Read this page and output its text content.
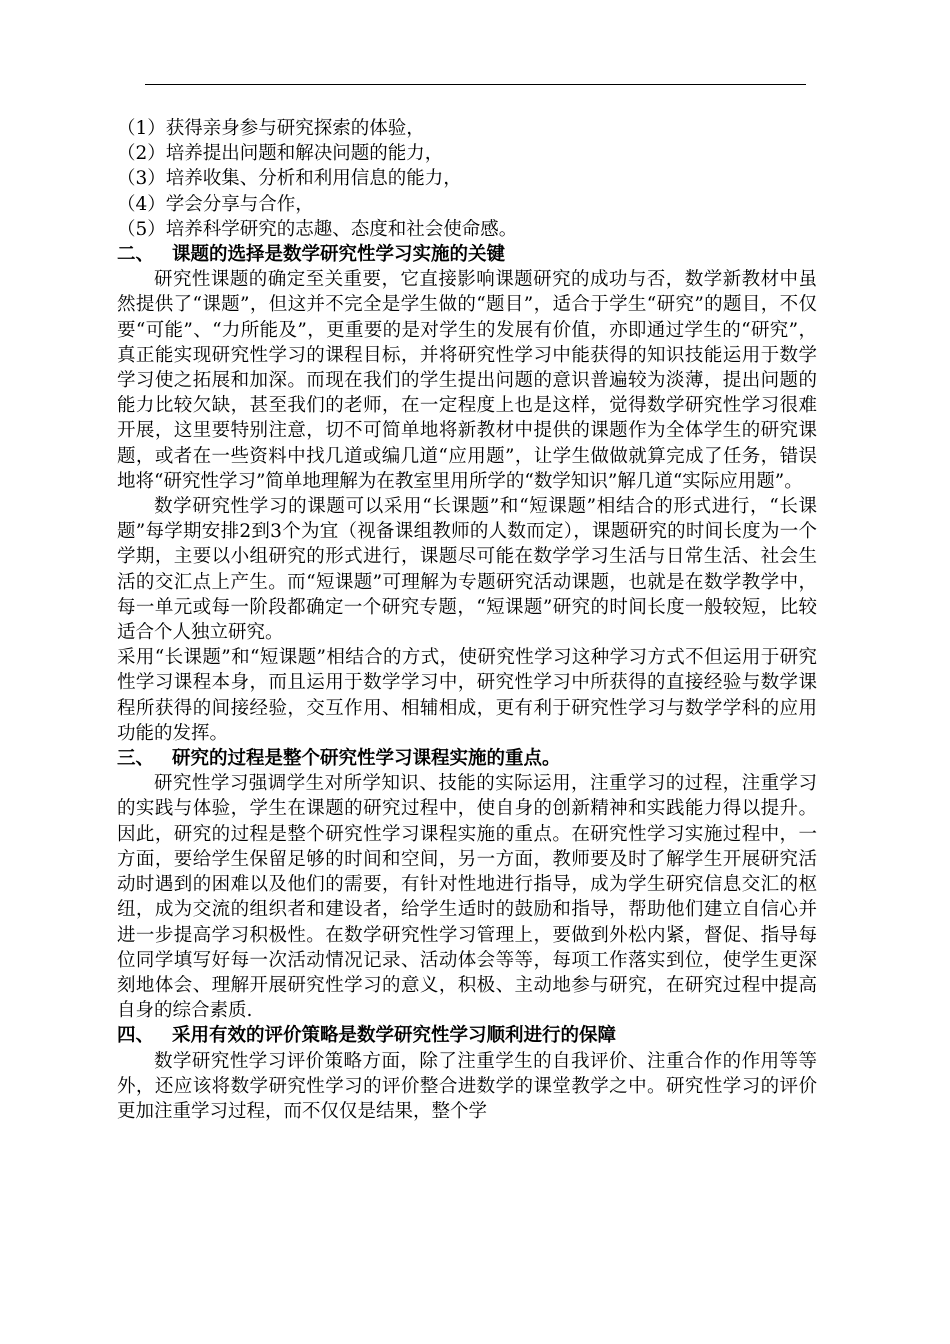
（1）获得亲身参与研究探索的体验，

（2）培养提出问题和解决问题的能力，

（3）培养收集、分析和利用信息的能力，

（4）学会分享与合作，

（5）培养科学研究的志趣、态度和社会使命感。

二、 课题的选择是数学研究性学习实施的关键

研究性课题的确定至关重要，它直接影响课题研究的成功与否，数学新教材中虽然提供了“课题”，但这并不完全是学生做的“题目”，适合于学生“研究”的题目，不仅要“可能”、“力所能及”，更重要的是对学生的发展有价值，亦即通过学生的“研究”，真正能实现研究性学习的课程目标，并将研究性学习中能获得的知识技能运用于数学学习使之拓展和加深。而现在我们的学生提出问题的意识普遍较为淡薄，提出问题的能力比较欠缺，甚至我们的老师，在一定程度上也是这样，觉得数学研究性学习很难开展，这里要特别注意，切不可简单地将新教材中提供的课题作为全体学生的研究课题，或者在一些资料中找几道或编几道“应用题”，让学生做做就算完成了任务，错误地将“研究性学习”简单地理解为在教室里用所学的“数学知识”解几道“实际应用题”。

数学研究性学习的课题可以采用“长课题”和“短课题”相结合的形式进行，“长课题”每学期安排2到3个为宜（视备课组教师的人数而定），课题研究的时间长度为一个学期，主要以小组研究的形式进行，课题尽可能在数学学习生活与日常生活、社会生活的交汇点上产生。而“短课题”可理解为专题研究活动课题，也就是在数学教学中，每一单元或每一阶段都确定一个研究专题，“短课题”研究的时间长度一般较短，比较适合个人独立研究。

采用“长课题”和“短课题”相结合的方式，使研究性学习这种学习方式不但运用于研究性学习课程本身，而且运用于数学学习中，研究性学习中所获得的直接经验与数学课程所获得的间接经验，交互作用、相辅相成，更有利于研究性学习与数学学科的应用功能的发挥。

三、 研究的过程是整个研究性学习课程实施的重点。

研究性学习强调学生对所学知识、技能的实际运用，注重学习的过程，注重学习的实践与体验，学生在课题的研究过程中，使自身的创新精神和实践能力得以提升。因此，研究的过程是整个研究性学习课程实施的重点。在研究性学习实施过程中，一方面，要给学生保留足够的时间和空间，另一方面，教师要及时了解学生开展研究活动时遇到的困难以及他们的需要，有针对性地进行指导，成为学生研究信息交汇的枢纽，成为交流的组织者和建设者，给学生适时的鼓励和指导，帮助他们建立自信心并进一步提高学习积极性。在数学研究性学习管理上，要做到外松内紧，督促、指导每位同学填写好每一次活动情况记录、活动体会等等，每项工作落实到位，使学生更深刻地体会、理解开展研究性学习的意义，积极、主动地参与研究，在研究过程中提高自身的综合素质.

四、 采用有效的评价策略是数学研究性学习顺利进行的保障

数学研究性学习评价策略方面，除了注重学生的自我评价、注重合作的作用等等外，还应该将数学研究性学习的评价整合进数学的课堂教学之中。研究性学习的评价更加注重学习过程，而不仅仅是结果，整个学
